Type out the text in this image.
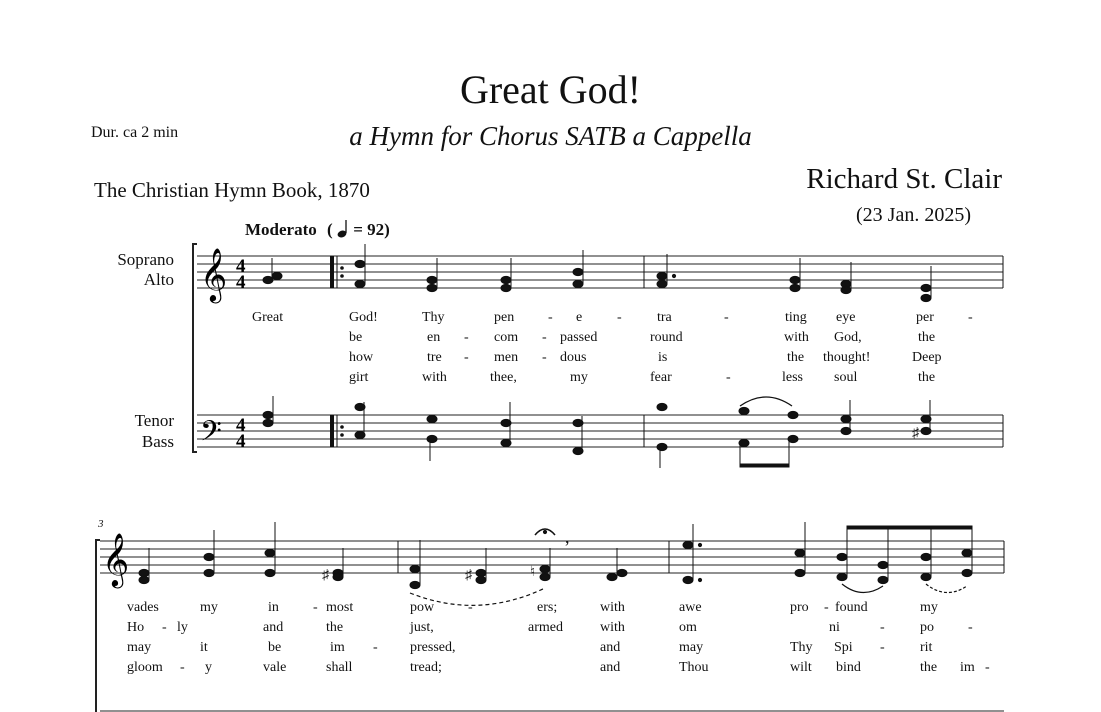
Great God!
a Hymn for Chorus SATB a Cappella
Dur. ca 2 min
The Christian Hymn Book, 1870	Richard St. Clair
(23 Jan. 2025)
Moderato ( = 92)
Soprano
Alto
Tenor
Bass
3
𝄞
𝄢
4
4
4
4	♯
𝄞	♯	♯	♮
,
Great	God!	Thy	pen - e -	tra	-	ting eye	per -
be	en - com - passed	round	with God,	the
how	tre - men - dous	is	the thought!	Deep
girt	with	thee,	my	fear	-	less soul	the
vades	my	in - most	pow -	ers;	with	awe	pro - found	my
Ho - ly	and	the	just,	armed	with	om	ni	-	po -
may	it	be	im - pressed,	and	may	Thy Spi -	rit
gloom - y	vale	shall	tread;	and	Thou	wilt bind	the im -
